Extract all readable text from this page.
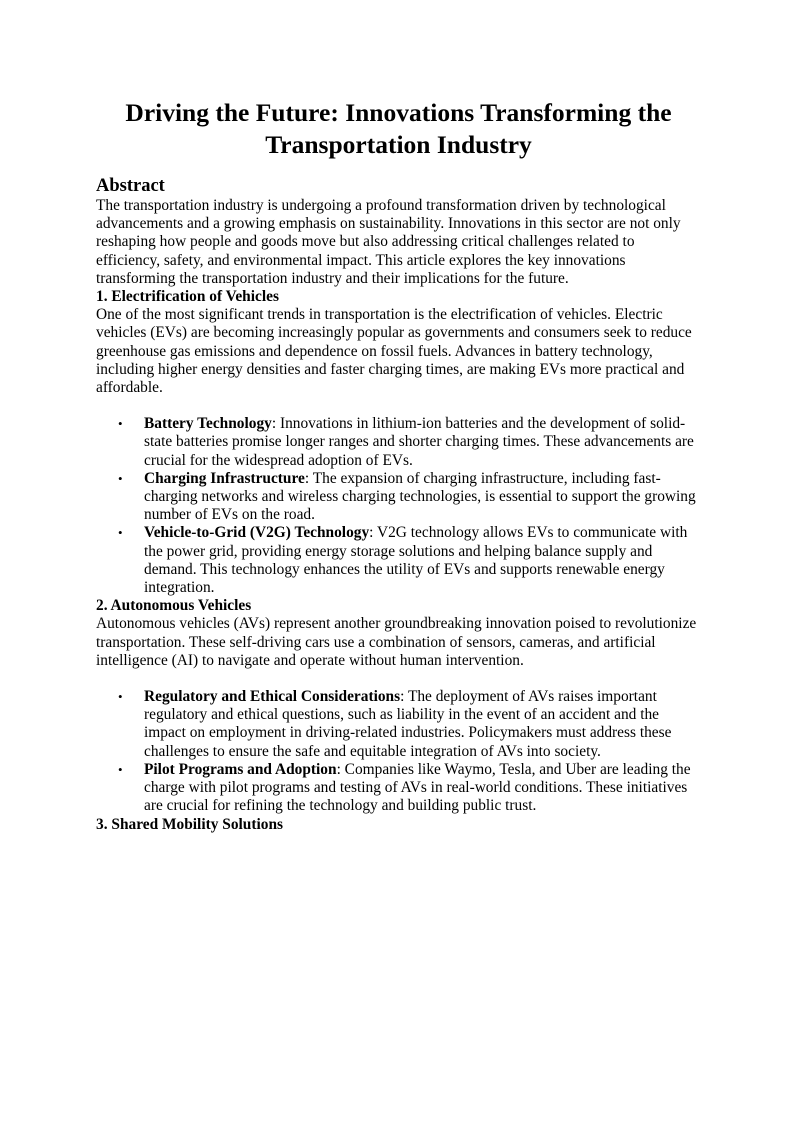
Driving the Future: Innovations Transforming the Transportation Industry
Abstract

The transportation industry is undergoing a profound transformation driven by technological advancements and a growing emphasis on sustainability. Innovations in this sector are not only reshaping how people and goods move but also addressing critical challenges related to efficiency, safety, and environmental impact. This article explores the key innovations transforming the transportation industry and their implications for the future.

1. Electrification of Vehicles

One of the most significant trends in transportation is the electrification of vehicles. Electric vehicles (EVs) are becoming increasingly popular as governments and consumers seek to reduce greenhouse gas emissions and dependence on fossil fuels. Advances in battery technology, including higher energy densities and faster charging times, are making EVs more practical and affordable.

• Battery Technology: Innovations in lithium-ion batteries and the development of solid-state batteries promise longer ranges and shorter charging times. These advancements are crucial for the widespread adoption of EVs.
• Charging Infrastructure: The expansion of charging infrastructure, including fast-charging networks and wireless charging technologies, is essential to support the growing number of EVs on the road.
• Vehicle-to-Grid (V2G) Technology: V2G technology allows EVs to communicate with the power grid, providing energy storage solutions and helping balance supply and demand. This technology enhances the utility of EVs and supports renewable energy integration.
2. Autonomous Vehicles

Autonomous vehicles (AVs) represent another groundbreaking innovation poised to revolutionize transportation. These self-driving cars use a combination of sensors, cameras, and artificial intelligence (AI) to navigate and operate without human intervention.

• Regulatory and Ethical Considerations: The deployment of AVs raises important regulatory and ethical questions, such as liability in the event of an accident and the impact on employment in driving-related industries. Policymakers must address these challenges to ensure the safe and equitable integration of AVs into society.
• Pilot Programs and Adoption: Companies like Waymo, Tesla, and Uber are leading the charge with pilot programs and testing of AVs in real-world conditions. These initiatives are crucial for refining the technology and building public trust.
3. Shared Mobility Solutions
